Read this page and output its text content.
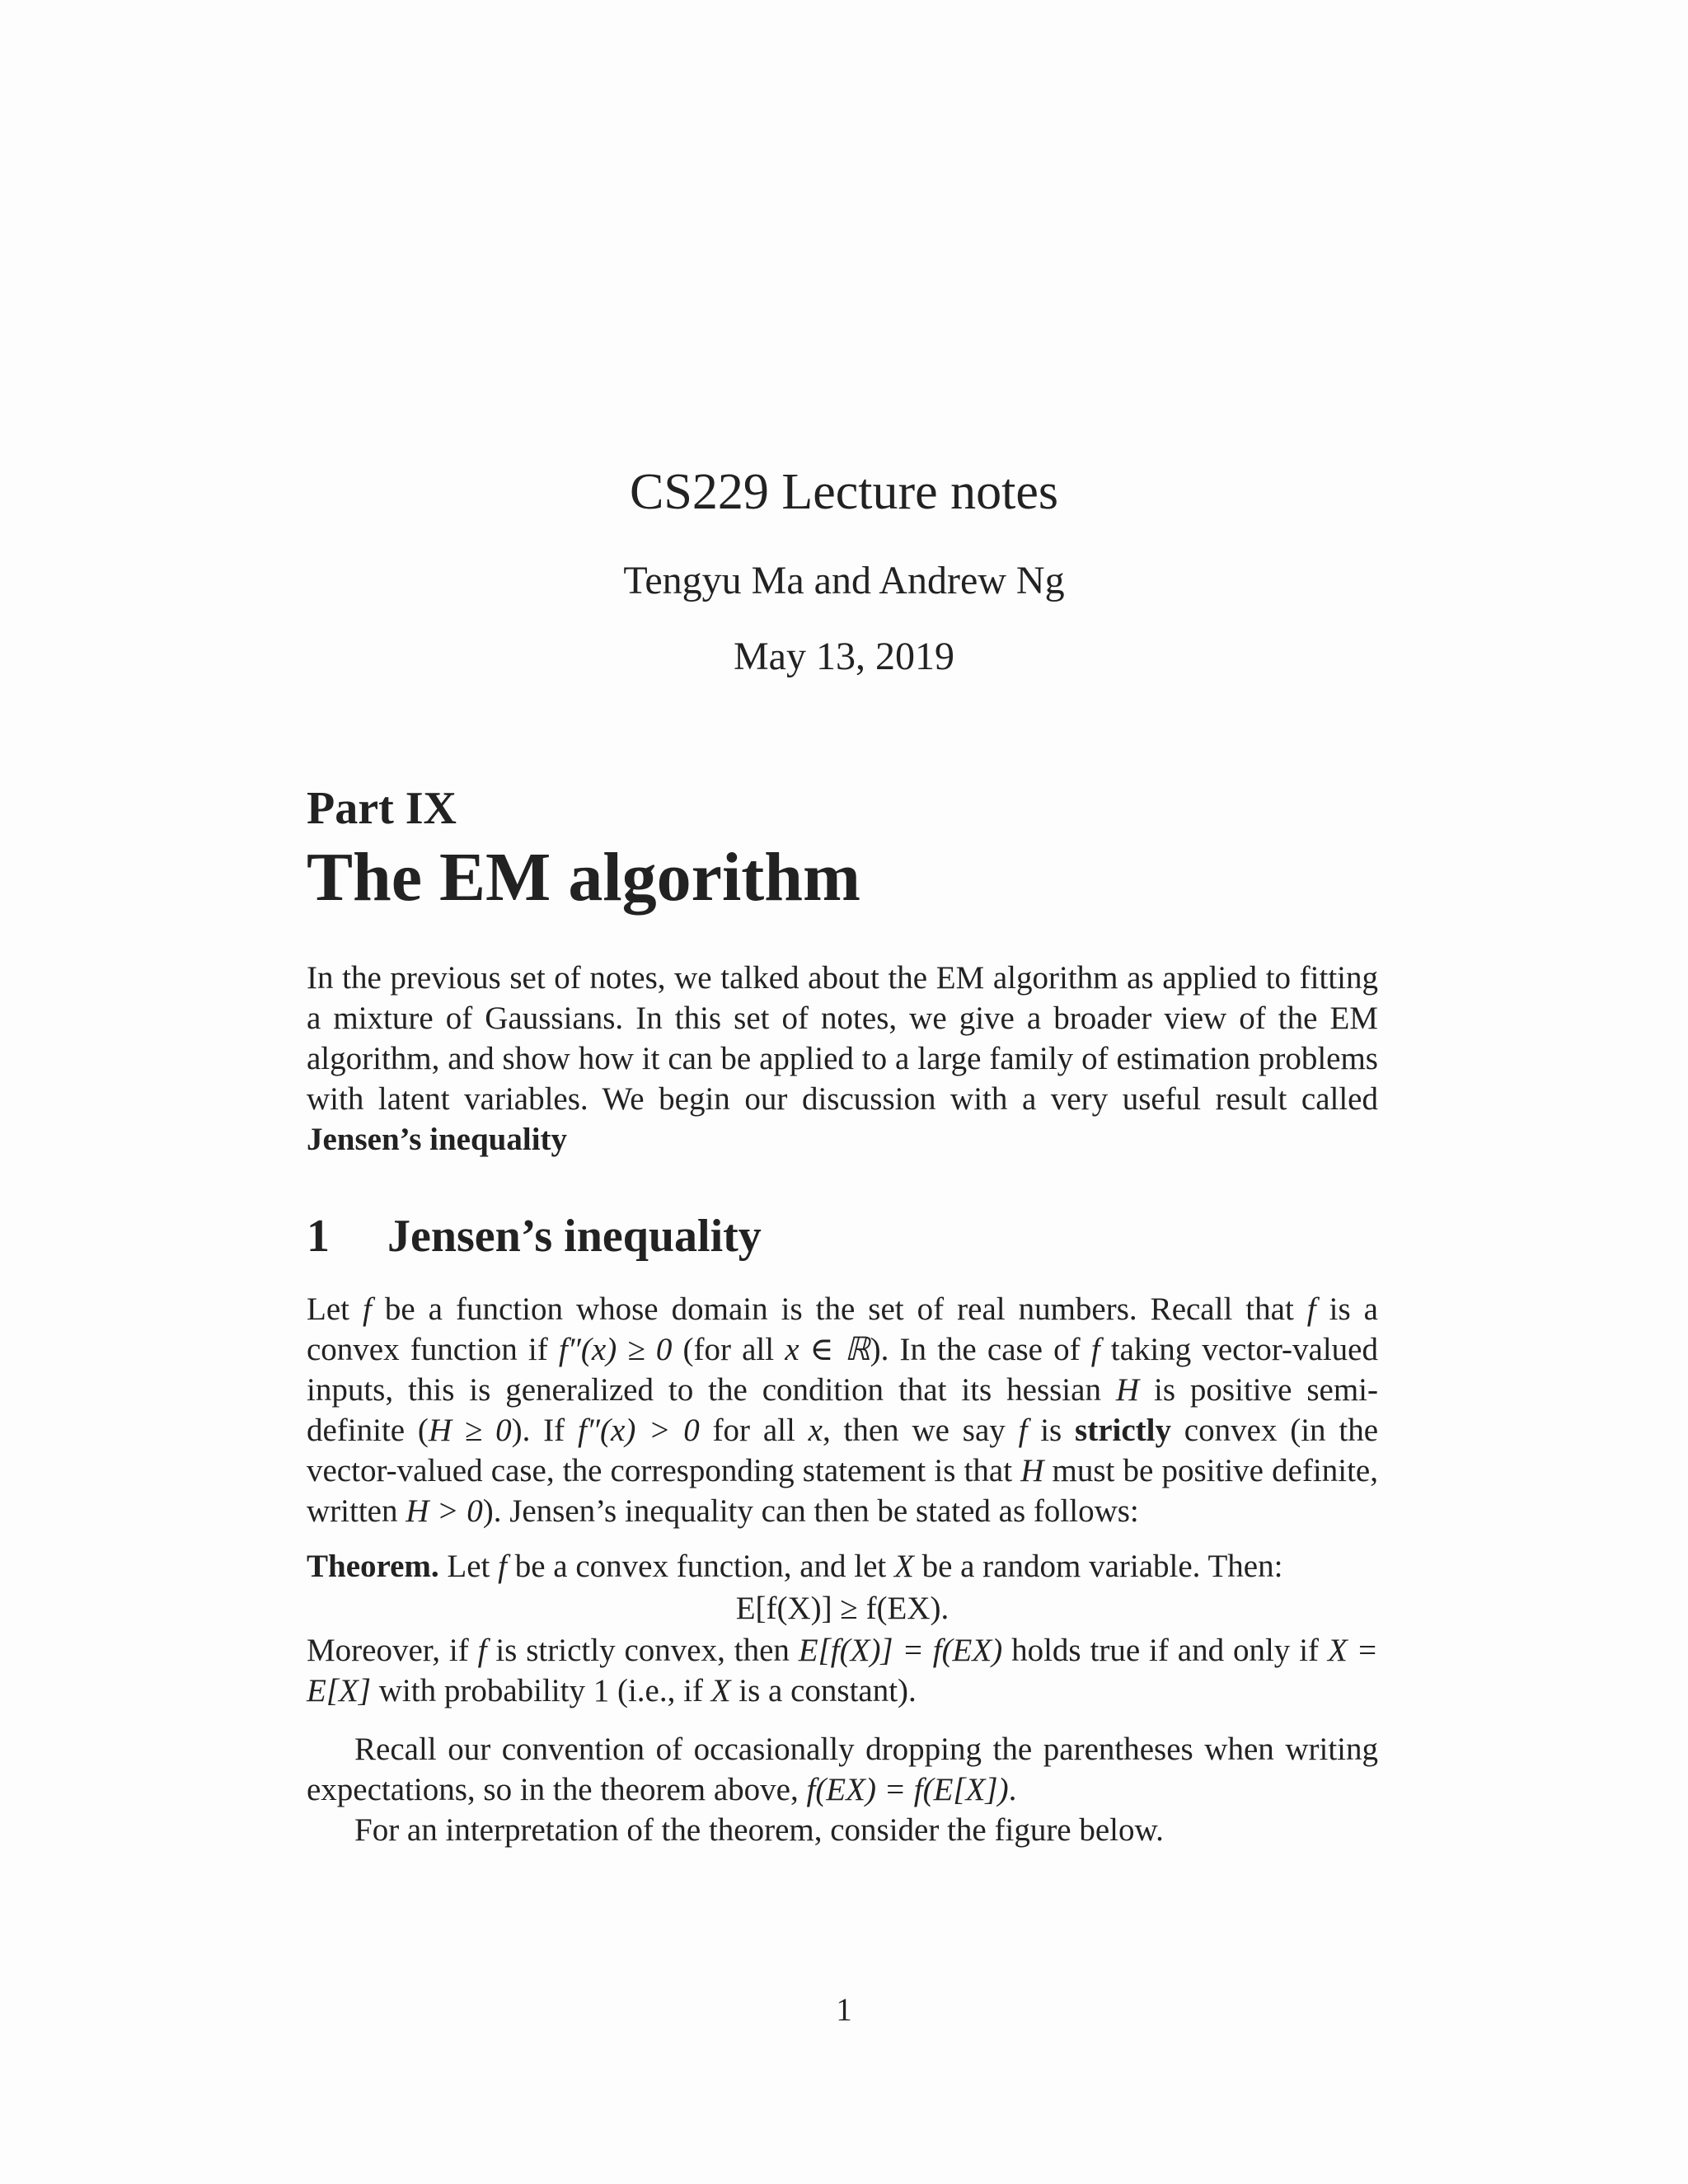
CS229 Lecture notes
Tengyu Ma and Andrew Ng
May 13, 2019
Part IX
The EM algorithm

In the previous set of notes, we talked about the EM algorithm as applied to fitting a mixture of Gaussians. In this set of notes, we give a broader view of the EM algorithm, and show how it can be applied to a large family of estimation problems with latent variables. We begin our discussion with a very useful result called Jensen’s inequality

1 Jensen’s inequality

Let f be a function whose domain is the set of real numbers. Recall that f is a convex function if f″(x) ≥ 0 (for all x ∈ ℝ). In the case of f taking vector-valued inputs, this is generalized to the condition that its hessian H is positive semi-definite (H ≥ 0). If f″(x) > 0 for all x, then we say f is strictly convex (in the vector-valued case, the corresponding statement is that H must be positive definite, written H > 0). Jensen’s inequality can then be stated as follows:

Theorem. Let f be a convex function, and let X be a random variable. Then:

E[f(X)] ≥ f(EX).

Moreover, if f is strictly convex, then E[f(X)] = f(EX) holds true if and only if X = E[X] with probability 1 (i.e., if X is a constant).

Recall our convention of occasionally dropping the parentheses when writing expectations, so in the theorem above, f(EX) = f(E[X]).

For an interpretation of the theorem, consider the figure below.

1
